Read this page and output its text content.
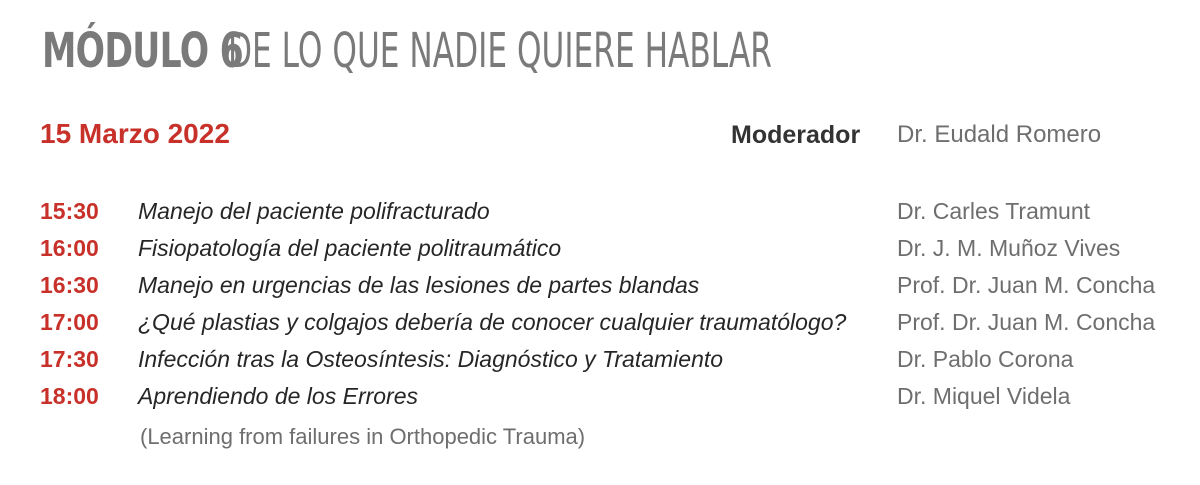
MÓDULO 6
DE LO QUE NADIE QUIERE HABLAR
15 Marzo 2022	Moderador Dr. Eudald Romero
15:30 Manejo del paciente polifracturado	Dr. Carles Tramunt
16:00 Fisiopatología del paciente politraumático	Dr. J. M. Muñoz Vives
16:30 Manejo en urgencias de las lesiones de partes blandas	Prof. Dr. Juan M. Concha
17:00 ¿Qué plastias y colgajos debería de conocer cualquier traumatólogo? Prof. Dr. Juan M. Concha
17:30 Infección tras la Osteosíntesis: Diagnóstico y Tratamiento	Dr. Pablo Corona
18:00 Aprendiendo de los Errores	Dr. Miquel Videla
(Learning from failures in Orthopedic Trauma)
